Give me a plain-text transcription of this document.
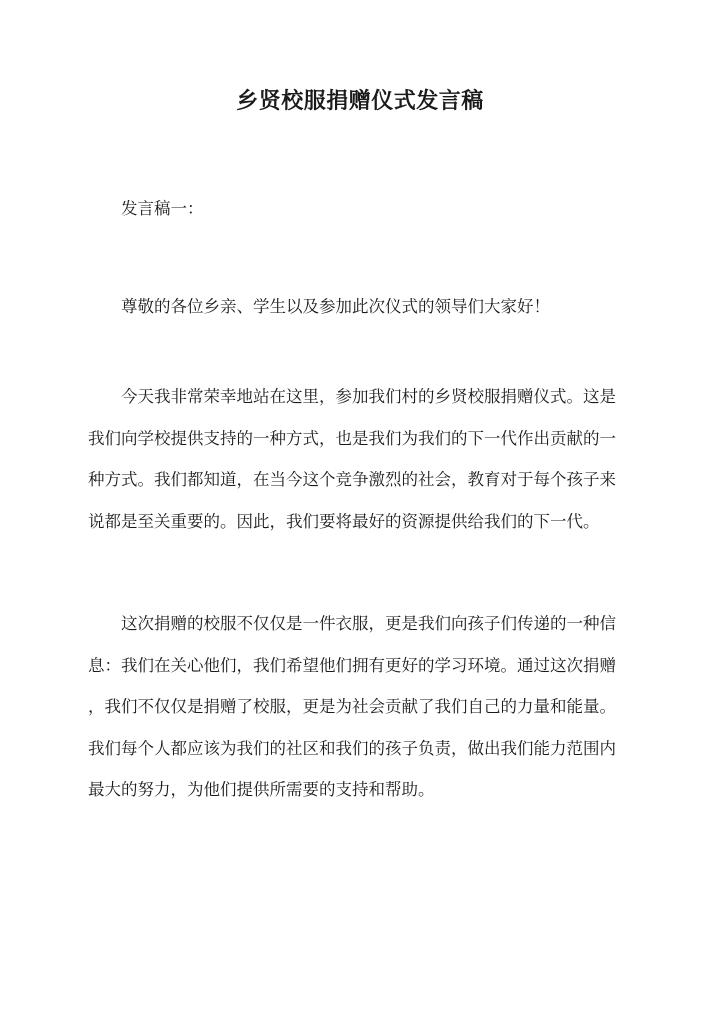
乡贤校服捐赠仪式发言稿
发言稿一：
尊敬的各位乡亲、学生以及参加此次仪式的领导们大家好！
今天我非常荣幸地站在这里，参加我们村的乡贤校服捐赠仪式。这是
我们向学校提供支持的一种方式，也是我们为我们的下一代作出贡献的一
种方式。我们都知道，在当今这个竞争激烈的社会，教育对于每个孩子来
说都是至关重要的。因此，我们要将最好的资源提供给我们的下一代。
这次捐赠的校服不仅仅是一件衣服，更是我们向孩子们传递的一种信
息：我们在关心他们，我们希望他们拥有更好的学习环境。通过这次捐赠
，我们不仅仅是捐赠了校服，更是为社会贡献了我们自己的力量和能量。
我们每个人都应该为我们的社区和我们的孩子负责，做出我们能力范围内
最大的努力，为他们提供所需要的支持和帮助。
